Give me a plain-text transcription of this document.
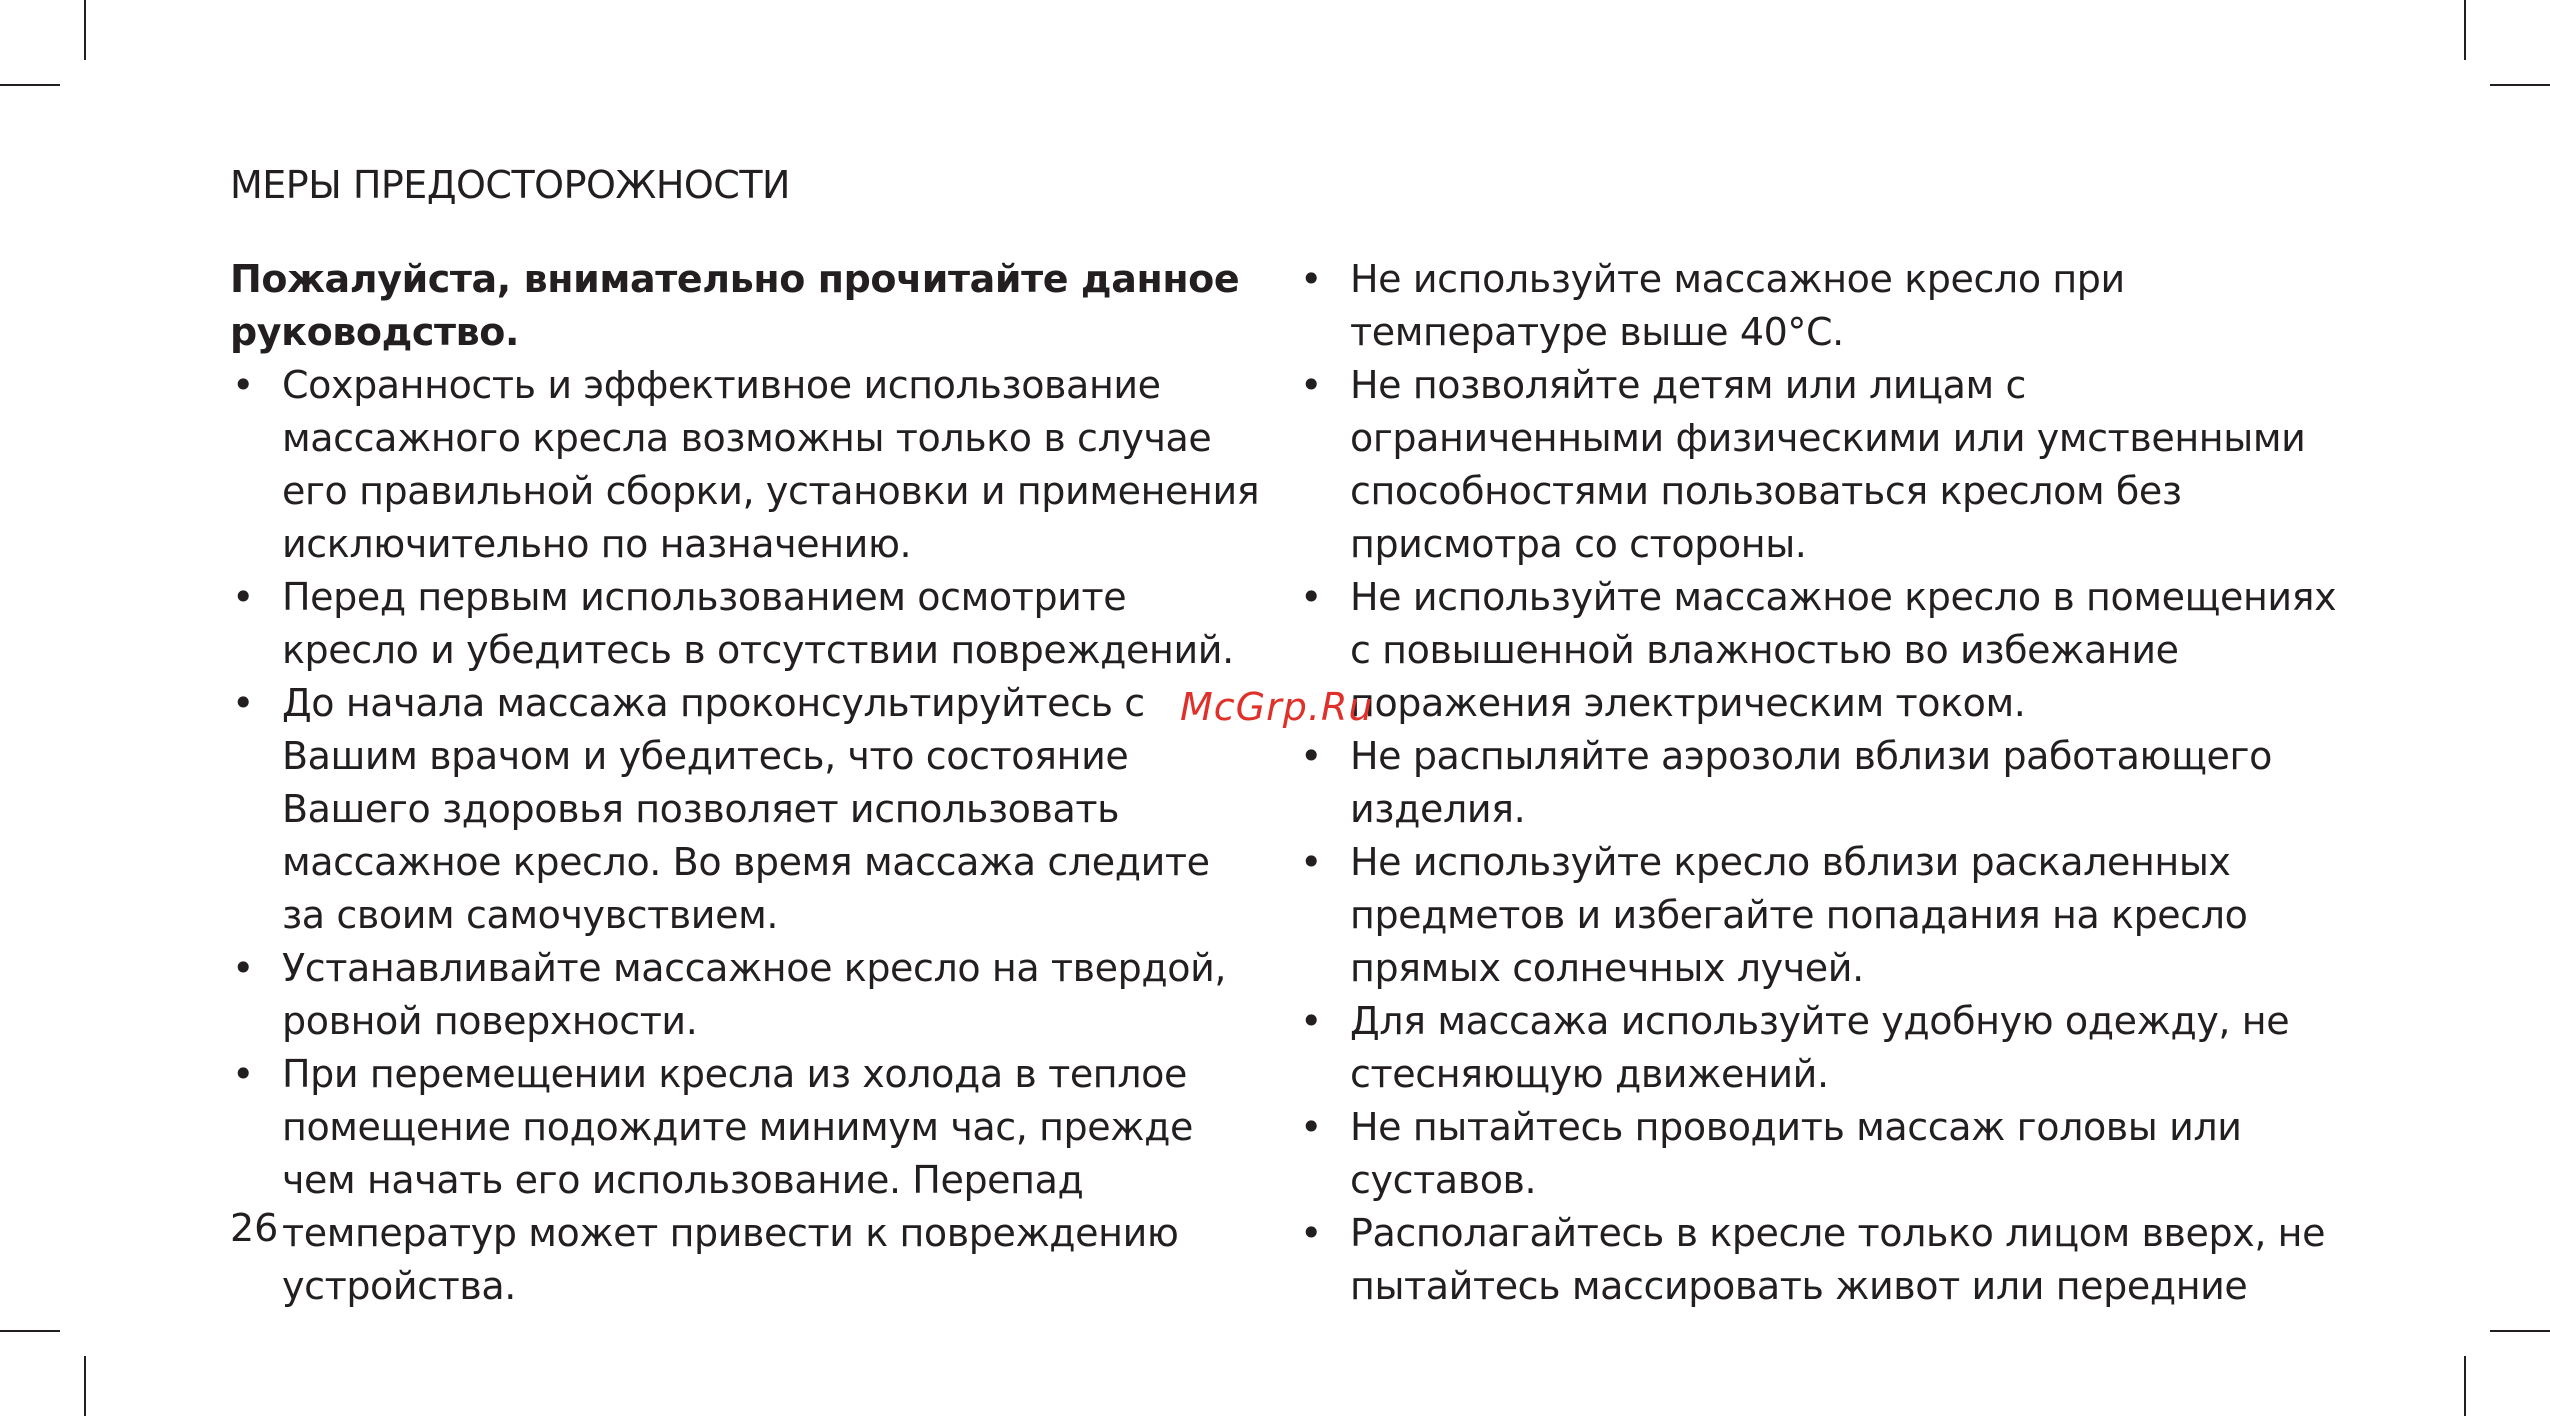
МЕРЫ ПРЕДОСТОРОЖНОСТИ

Пожалуйста, внимательно прочитайте данное руководство.

• Сохранность и эффективное использование массажного кресла возможны только в случае его правильной сборки, установки и применения исключительно по назначению.
• Перед первым использованием осмотрите кресло и убедитесь в отсутствии повреждений.
• До начала массажа проконсультируйтесь с Вашим врачом и убедитесь, что состояние Вашего здоровья позволяет использовать массажное кресло. Во время массажа следите за своим самочувствием.
• Устанавливайте массажное кресло на твердой, ровной поверхности.
• При перемещении кресла из холода в теплое помещение подождите минимум час, прежде чем начать его использование. Перепад температур может привести к повреждению устройства.
• Не используйте массажное кресло при температуре выше 40°С.
• Не позволяйте детям или лицам с ограниченными физическими или умственными способностями пользоваться креслом без присмотра со стороны.
• Не используйте массажное кресло в помещениях с повышенной влажностью во избежание поражения электрическим током.
• Не распыляйте аэрозоли вблизи работающего изделия.
• Не используйте кресло вблизи раскаленных предметов и избегайте попадания на кресло прямых солнечных лучей.
• Для массажа используйте удобную одежду, не стесняющую движений.
• Не пытайтесь проводить массаж головы или суставов.
• Располагайтесь в кресле только лицом вверх, не пытайтесь массировать живот или передние
26
McGrp.Ru
